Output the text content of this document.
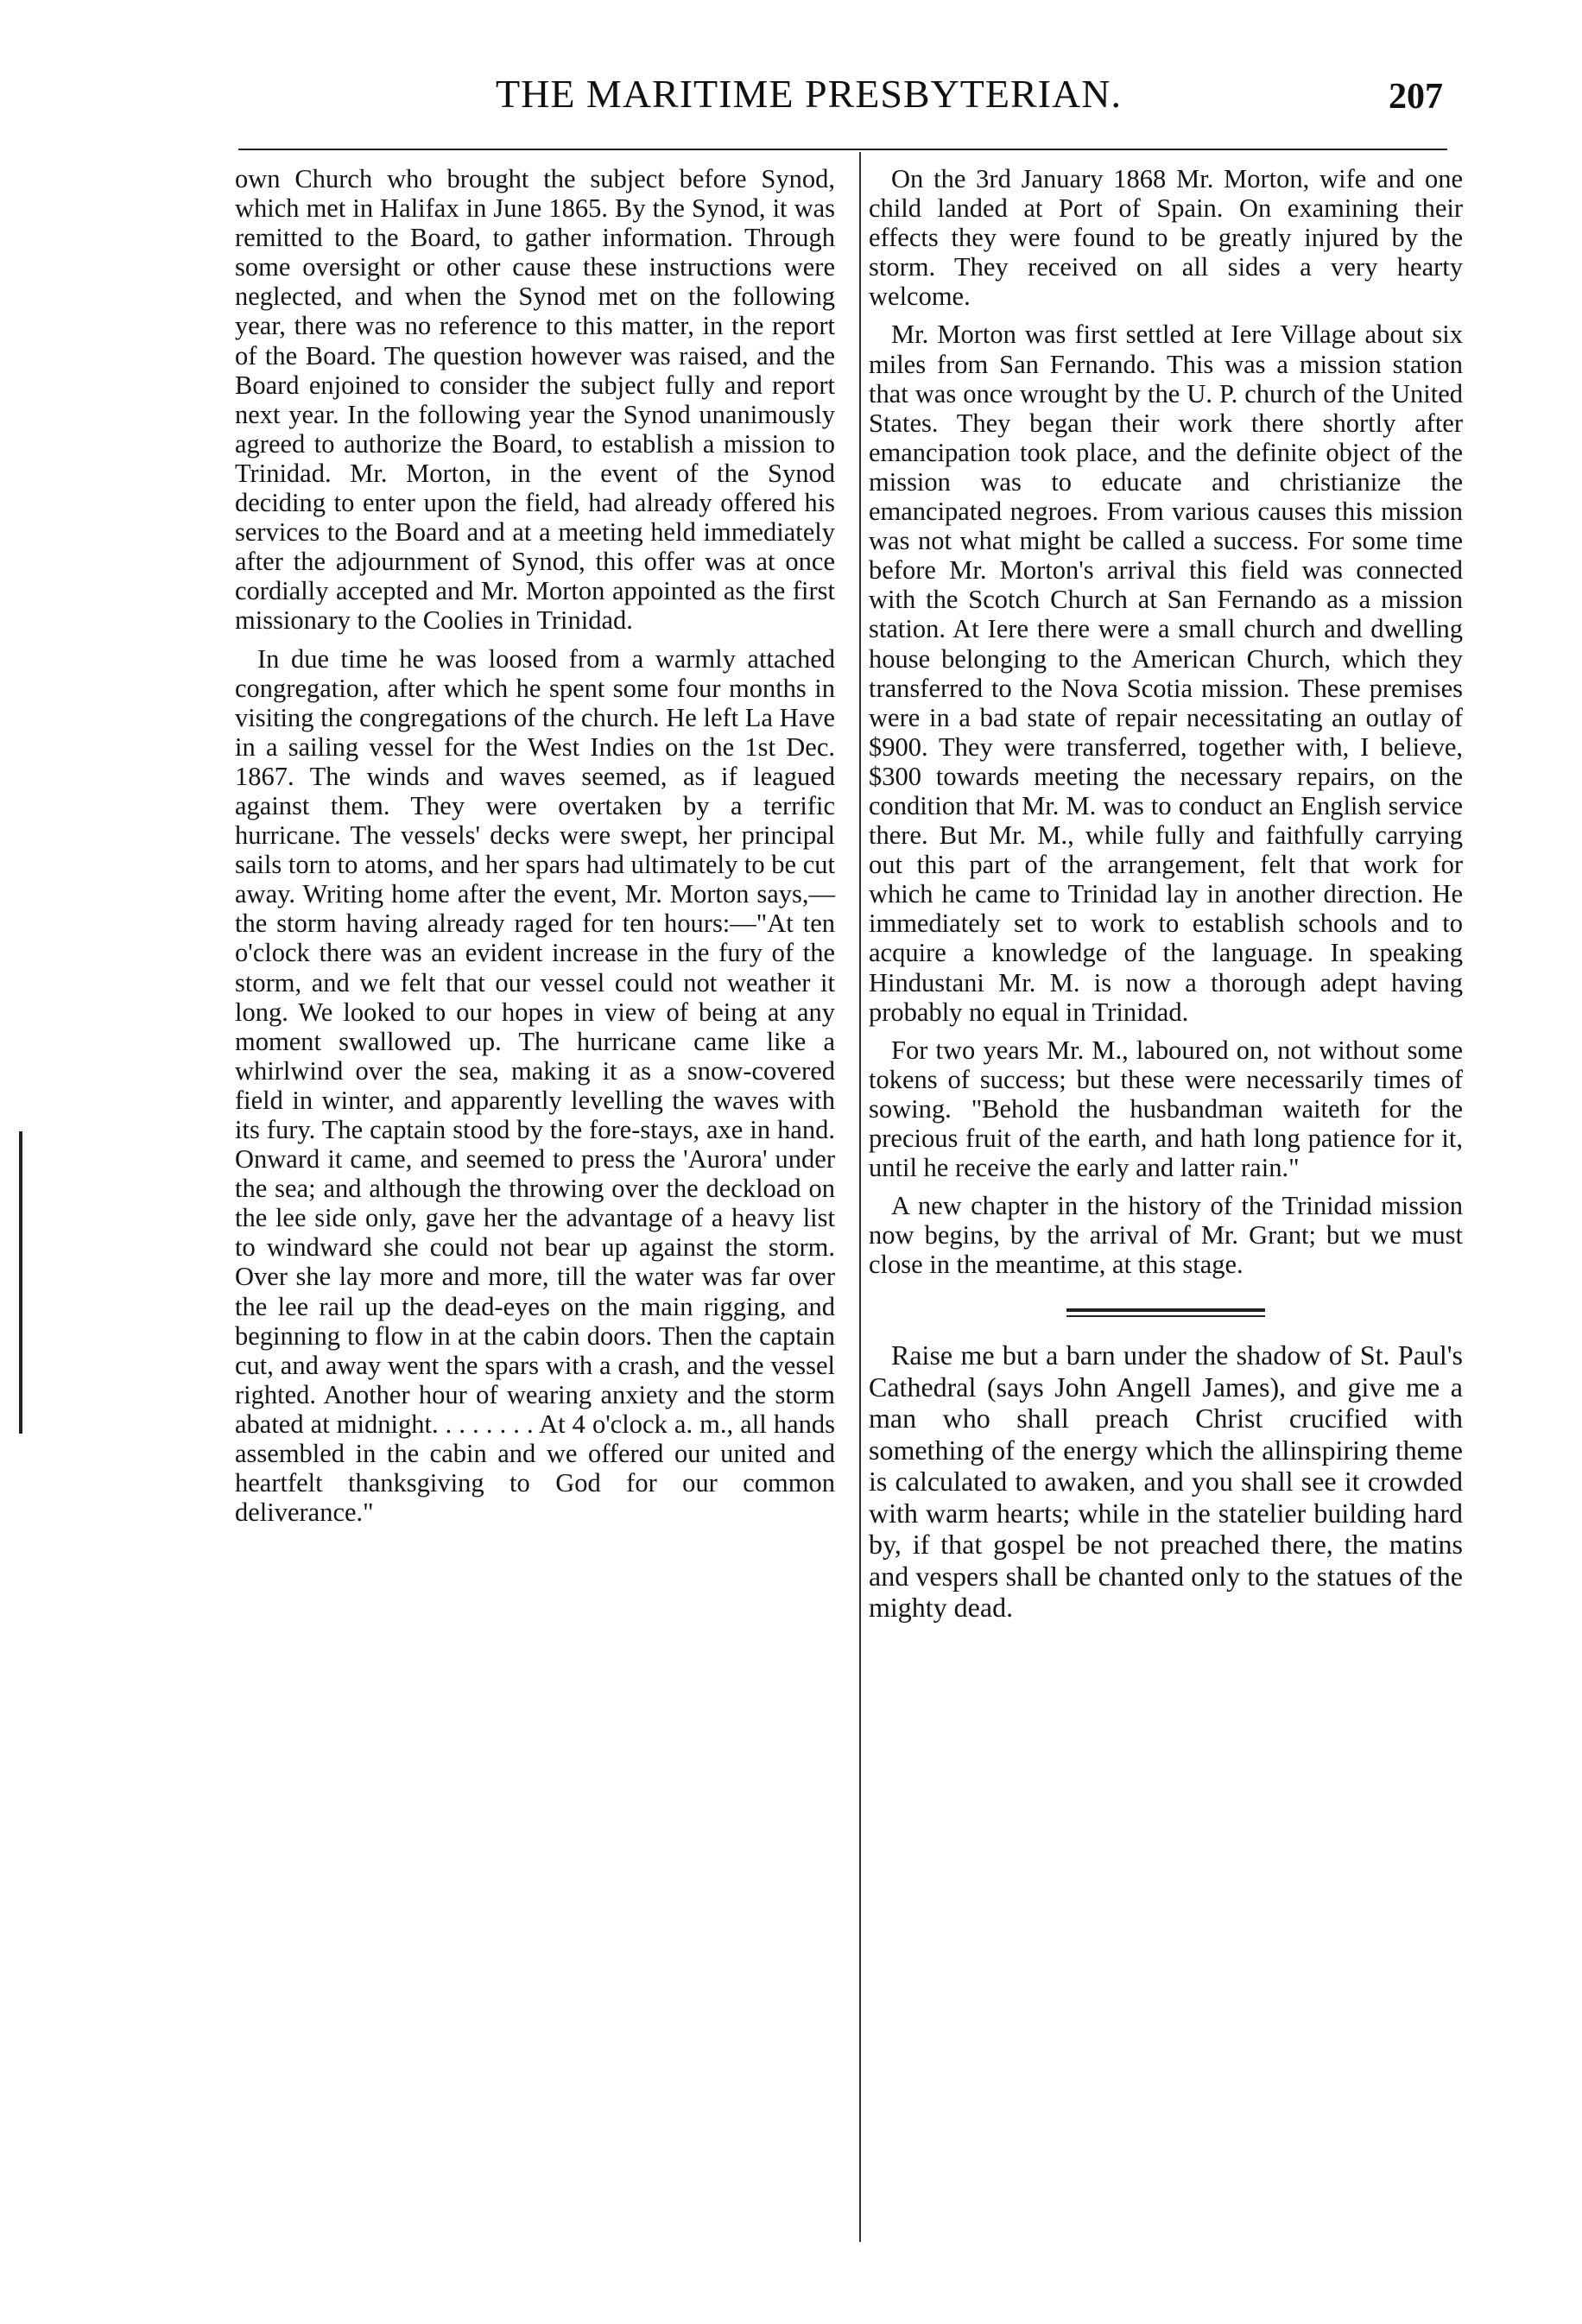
THE MARITIME PRESBYTERIAN.	207

own Church who brought the subject before Synod, which met in Halifax in June 1865. By the Synod, it was remitted to the Board, to gather information. Through some oversight or other cause these instructions were neglected, and when the Synod met on the following year, there was no reference to this matter, in the report of the Board. The question however was raised, and the Board enjoined to consider the subject fully and report next year. In the following year the Synod unanimously agreed to authorize the Board, to establish a mission to Trinidad. Mr. Morton, in the event of the Synod deciding to enter upon the field, had already offered his services to the Board and at a meeting held immediately after the adjournment of Synod, this offer was at once cordially accepted and Mr. Morton appointed as the first missionary to the Coolies in Trinidad.

In due time he was loosed from a warmly attached congregation, after which he spent some four months in visiting the congregations of the church. He left La Have in a sailing vessel for the West Indies on the 1st Dec. 1867. The winds and waves seemed, as if leagued against them. They were overtaken by a terrific hurricane. The vessels' decks were swept, her principal sails torn to atoms, and her spars had ultimately to be cut away. Writing home after the event, Mr. Morton says,—the storm having already raged for ten hours:—"At ten o'clock there was an evident increase in the fury of the storm, and we felt that our vessel could not weather it long. We looked to our hopes in view of being at any moment swallowed up. The hurricane came like a whirlwind over the sea, making it as a snow-covered field in winter, and apparently levelling the waves with its fury. The captain stood by the fore-stays, axe in hand. Onward it came, and seemed to press the 'Aurora' under the sea; and although the throwing over the deckload on the lee side only, gave her the advantage of a heavy list to windward she could not bear up against the storm. Over she lay more and more, till the water was far over the lee rail up the dead-eyes on the main rigging, and beginning to flow in at the cabin doors. Then the captain cut, and away went the spars with a crash, and the vessel righted. Another hour of wearing anxiety and the storm abated at midnight. . . . . . . . At 4 o'clock a. m., all hands assembled in the cabin and we offered our united and heartfelt thanksgiving to God for our common deliverance."

On the 3rd January 1868 Mr. Morton, wife and one child landed at Port of Spain. On examining their effects they were found to be greatly injured by the storm. They received on all sides a very hearty welcome.

Mr. Morton was first settled at Iere Village about six miles from San Fernando. This was a mission station that was once wrought by the U. P. church of the United States. They began their work there shortly after emancipation took place, and the definite object of the mission was to educate and christianize the emancipated negroes. From various causes this mission was not what might be called a success. For some time before Mr. Morton's arrival this field was connected with the Scotch Church at San Fernando as a mission station. At Iere there were a small church and dwelling house belonging to the American Church, which they transferred to the Nova Scotia mission. These premises were in a bad state of repair necessitating an outlay of $900. They were transferred, together with, I believe, $300 towards meeting the necessary repairs, on the condition that Mr. M. was to conduct an English service there. But Mr. M., while fully and faithfully carrying out this part of the arrangement, felt that work for which he came to Trinidad lay in another direction. He immediately set to work to establish schools and to acquire a knowledge of the language. In speaking Hindustani Mr. M. is now a thorough adept having probably no equal in Trinidad.

For two years Mr. M., laboured on, not without some tokens of success; but these were necessarily times of sowing. "Behold the husbandman waiteth for the precious fruit of the earth, and hath long patience for it, until he receive the early and latter rain."

A new chapter in the history of the Trinidad mission now begins, by the arrival of Mr. Grant; but we must close in the meantime, at this stage.

Raise me but a barn under the shadow of St. Paul's Cathedral (says John Angell James), and give me a man who shall preach Christ crucified with something of the energy which the allinspiring theme is calculated to awaken, and you shall see it crowded with warm hearts; while in the statelier building hard by, if that gospel be not preached there, the matins and vespers shall be chanted only to the statues of the mighty dead.
